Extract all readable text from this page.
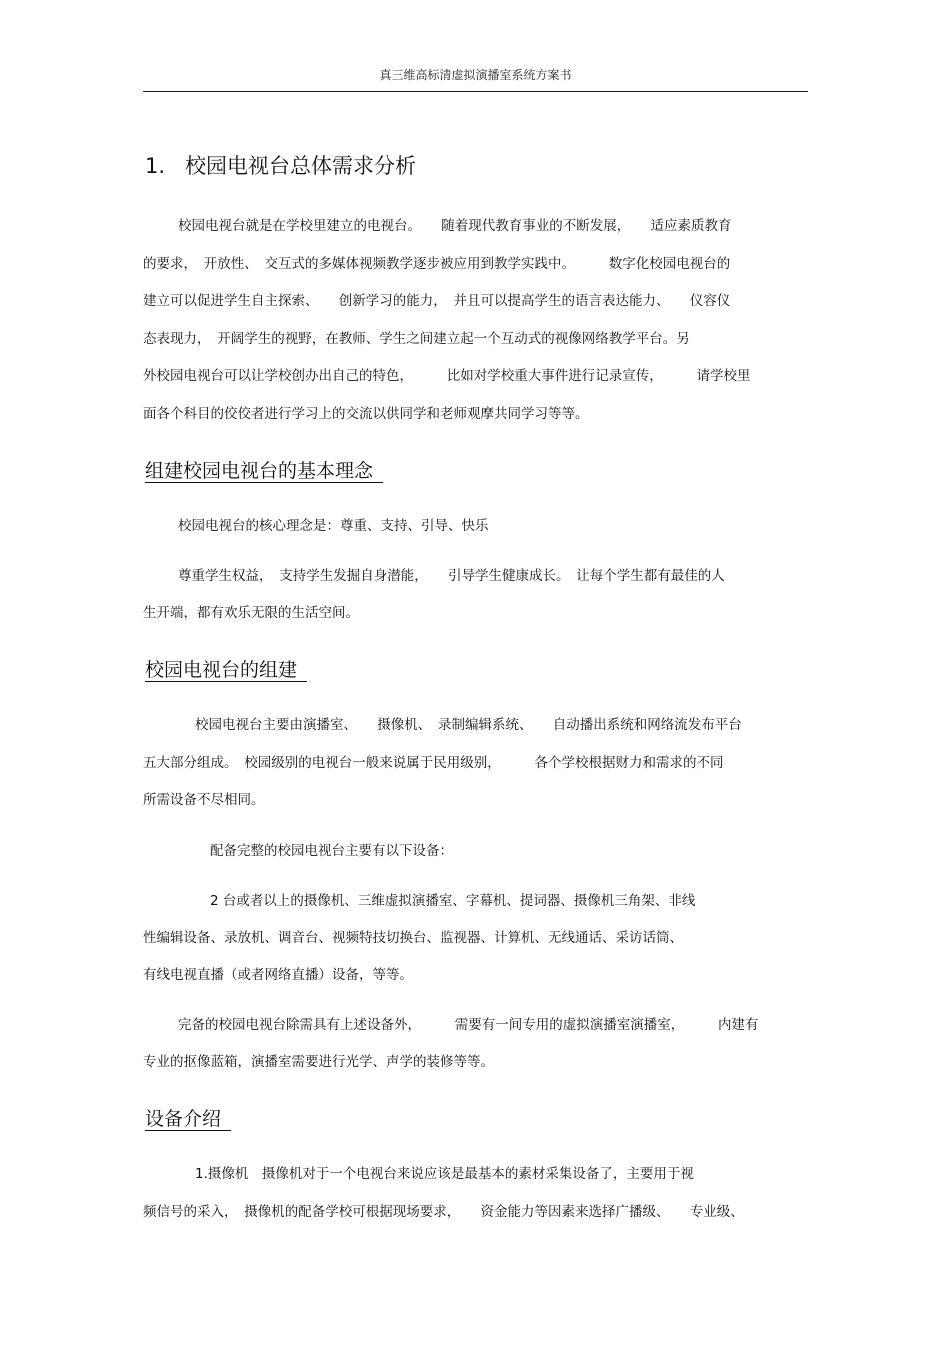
真三维高标清虚拟演播室系统方案书
1. 校园电视台总体需求分析
校园电视台就是在学校里建立的电视台。　　随着现代教育事业的不断发展，　　适应素质教育
的要求，　开放性、　交互式的多媒体视频教学逐步被应用到教学实践中。　　　数字化校园电视台的
建立可以促进学生自主探索、　　创新学习的能力，　并且可以提高学生的语言表达能力、　　仪容仪
态表现力，　开阔学生的视野，在教师、学生之间建立起一个互动式的视像网络教学平台。另
外校园电视台可以让学校创办出自己的特色，　　　比如对学校重大事件进行记录宣传，　　　请学校里
面各个科目的佼佼者进行学习上的交流以供同学和老师观摩共同学习等等。
组建校园电视台的基本理念
校园电视台的核心理念是：尊重、支持、引导、快乐
尊重学生权益，　支持学生发掘自身潜能，　　引导学生健康成长。　让每个学生都有最佳的人
生开端，都有欢乐无限的生活空间。
校园电视台的组建
校园电视台主要由演播室、　　摄像机、　录制编辑系统、　　自动播出系统和网络流发布平台
五大部分组成。　校园级别的电视台一般来说属于民用级别，　　　各个学校根据财力和需求的不同
所需设备不尽相同。
配备完整的校园电视台主要有以下设备：
2 台或者以上的摄像机、三维虚拟演播室、字幕机、提词器、摄像机三角架、非线
性编辑设备、录放机、调音台、视频特技切换台、监视器、计算机、无线通话、采访话筒、
有线电视直播（或者网络直播）设备，等等。
完备的校园电视台除需具有上述设备外，　　　需要有一间专用的虚拟演播室演播室，　　　内建有
专业的抠像蓝箱，演播室需要进行光学、声学的装修等等。
设备介绍
1.摄像机　摄像机对于一个电视台来说应该是最基本的素材采集设备了，主要用于视
频信号的采入，　摄像机的配备学校可根据现场要求，　　资金能力等因素来选择广播级、　　专业级、
